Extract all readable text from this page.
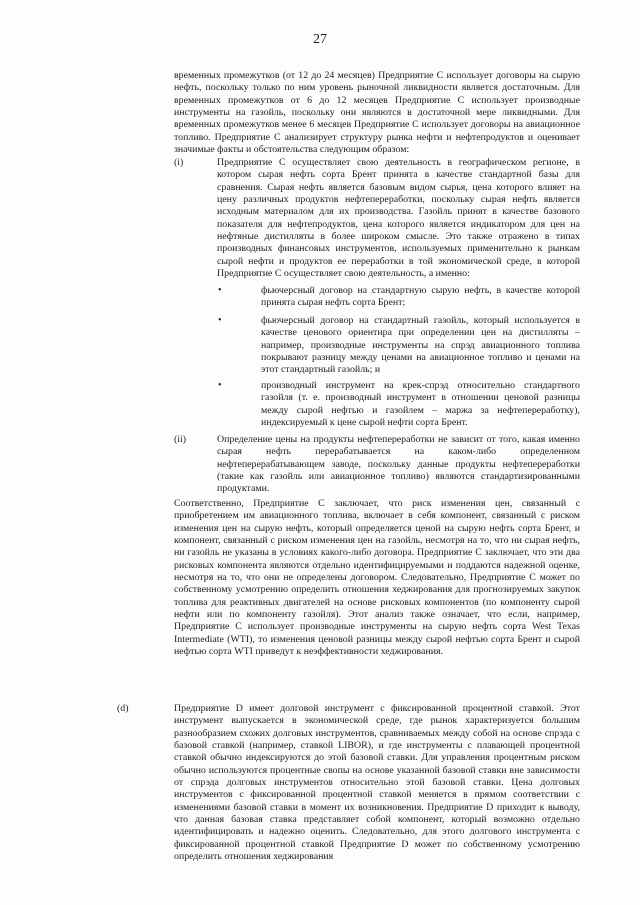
27

временных промежутков (от 12 до 24 месяцев) Предприятие С использует договоры на сырую нефть, поскольку только по ним уровень рыночной ликвидности является достаточным. Для временных промежутков от 6 до 12 месяцев Предприятие С использует производные инструменты на газойль, поскольку они являются в достаточной мере ликвидными. Для временных промежутков менее 6 месяцев Предприятие С использует договоры на авиационное топливо. Предприятие С анализирует структуру рынка нефти и нефтепродуктов и оценивает значимые факты и обстоятельства следующим образом:

(i)	Предприятие С осуществляет свою деятельность в географическом регионе, в котором сырая нефть сорта Брент принята в качестве стандартной базы для сравнения. Сырая нефть является базовым видом сырья, цена которого влияет на цену различных продуктов нефтепереработки, поскольку сырая нефть является исходным материалом для их производства. Газойль принят в качестве базового показателя для нефтепродуктов, цена которого является индикатором для цен на нефтяные дистилляты в более широком смысле. Это также отражено в типах производных финансовых инструментов, используемых применительно к рынкам сырой нефти и продуктов ее переработки в той экономической среде, в которой Предприятие С осуществляет свою деятельность, а именно:

•	фьючерсный договор на стандартную сырую нефть, в качестве которой принята сырая нефть сорта Брент;

•	фьючерсный договор на стандартный газойль, который используется в качестве ценового ориентира при определении цен на дистилляты – например, производные инструменты на спрэд авиационного топлива покрывают разницу между ценами на авиационное топливо и ценами на этот стандартный газойль; и

•	производный инструмент на крек-спрэд относительно стандартного газойля (т. е. производный инструмент в отношении ценовой разницы между сырой нефтью и газойлем – маржа за нефтепереработку), индексируемый к цене сырой нефти сорта Брент.

(ii)	Определение цены на продукты нефтепереработки не зависит от того, какая именно сырая нефть перерабатывается на каком-либо определенном нефтеперерабатывающем заводе, поскольку данные продукты нефтепереработки (такие как газойль или авиационное топливо) являются стандартизированными продуктами.

Соответственно, Предприятие С заключает, что риск изменения цен, связанный с приобретением им авиационного топлива, включает в себя компонент, связанный с риском изменения цен на сырую нефть, который определяется ценой на сырую нефть сорта Брент, и компонент, связанный с риском изменения цен на газойль, несмотря на то, что ни сырая нефть, ни газойль не указаны в условиях какого-либо договора. Предприятие С заключает, что эти два рисковых компонента являются отдельно идентифицируемыми и поддаются надежной оценке, несмотря на то, что они не определены договором. Следовательно, Предприятие С может по собственному усмотрению определить отношения хеджирования для прогнозируемых закупок топлива для реактивных двигателей на основе рисковых компонентов (по компоненту сырой нефти или по компоненту газойля). Этот анализ также означает, что если, например, Предприятие С использует производные инструменты на сырую нефть сорта West Texas Intermediate (WTI), то изменения ценовой разницы между сырой нефтью сорта Брент и сырой нефтью сорта WTI приведут к неэффективности хеджирования.

(d)	Предприятие D имеет долговой инструмент с фиксированной процентной ставкой. Этот инструмент выпускается в экономической среде, где рынок характеризуется большим разнообразием схожих долговых инструментов, сравниваемых между собой на основе спрэда с базовой ставкой (например, ставкой LIBOR), и где инструменты с плавающей процентной ставкой обычно индексируются до этой базовой ставки. Для управления процентным риском обычно используются процентные свопы на основе указанной базовой ставки вне зависимости от спрэда долговых инструментов относительно этой базовой ставки. Цена долговых инструментов с фиксированной процентной ставкой меняется в прямом соответствии с изменениями базовой ставки в момент их возникновения. Предприятие D приходит к выводу, что данная базовая ставка представляет собой компонент, который возможно отдельно идентифицировать и надежно оценить. Следовательно, для этого долгового инструмента с фиксированной процентной ставкой Предприятие D может по собственному усмотрению определить отношения хеджирования
